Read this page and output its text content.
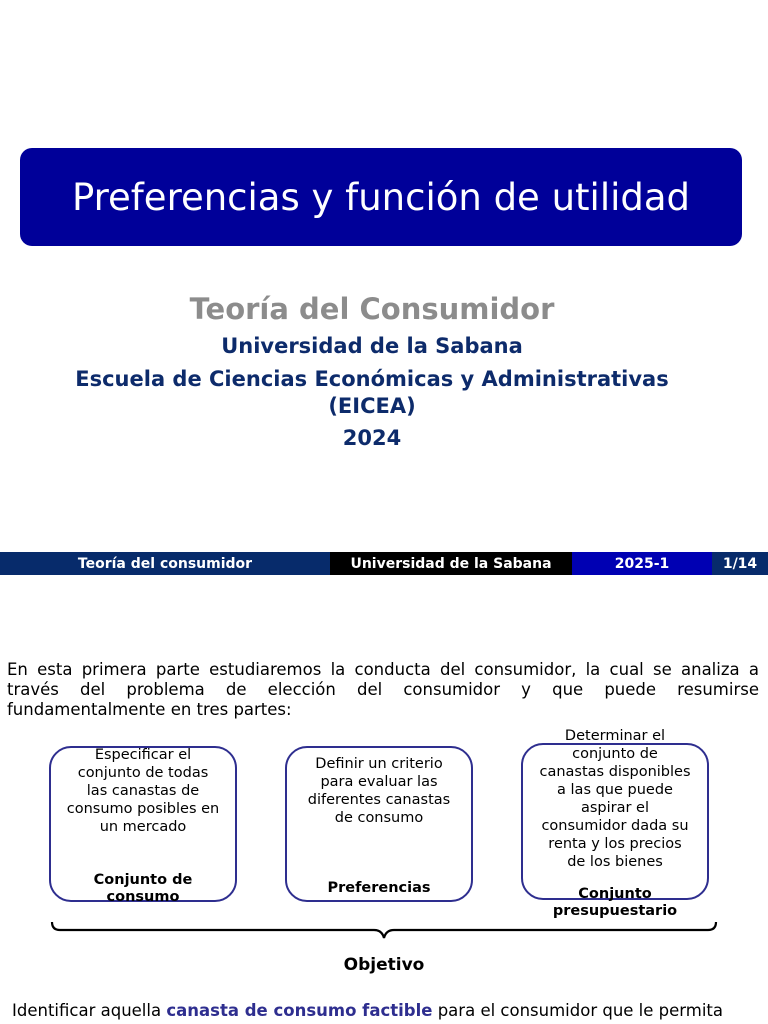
Preferencias y función de utilidad
Teoría del Consumidor
Universidad de la Sabana
Escuela de Ciencias Económicas y Administrativas
(EICEA)
2024
Teoría del consumidor	Universidad de la Sabana	2025-1	1/14
En esta primera parte estudiaremos la conducta del consumidor, la cual se analiza a través del problema de elección del consumidor y que puede resumirse fundamentalmente en tres partes:
Especificar el
conjunto de todas
las canastas de
consumo posibles en
un mercado
Conjunto de
consumo
Definir un criterio
para evaluar las
diferentes canastas
de consumo
Preferencias
Determinar el
conjunto de
canastas disponibles
a las que puede
aspirar el
consumidor dada su
renta y los precios
de los bienes
Conjunto
presupuestario
Objetivo
Identificar aquella canasta de consumo factible para el consumidor que le permita
